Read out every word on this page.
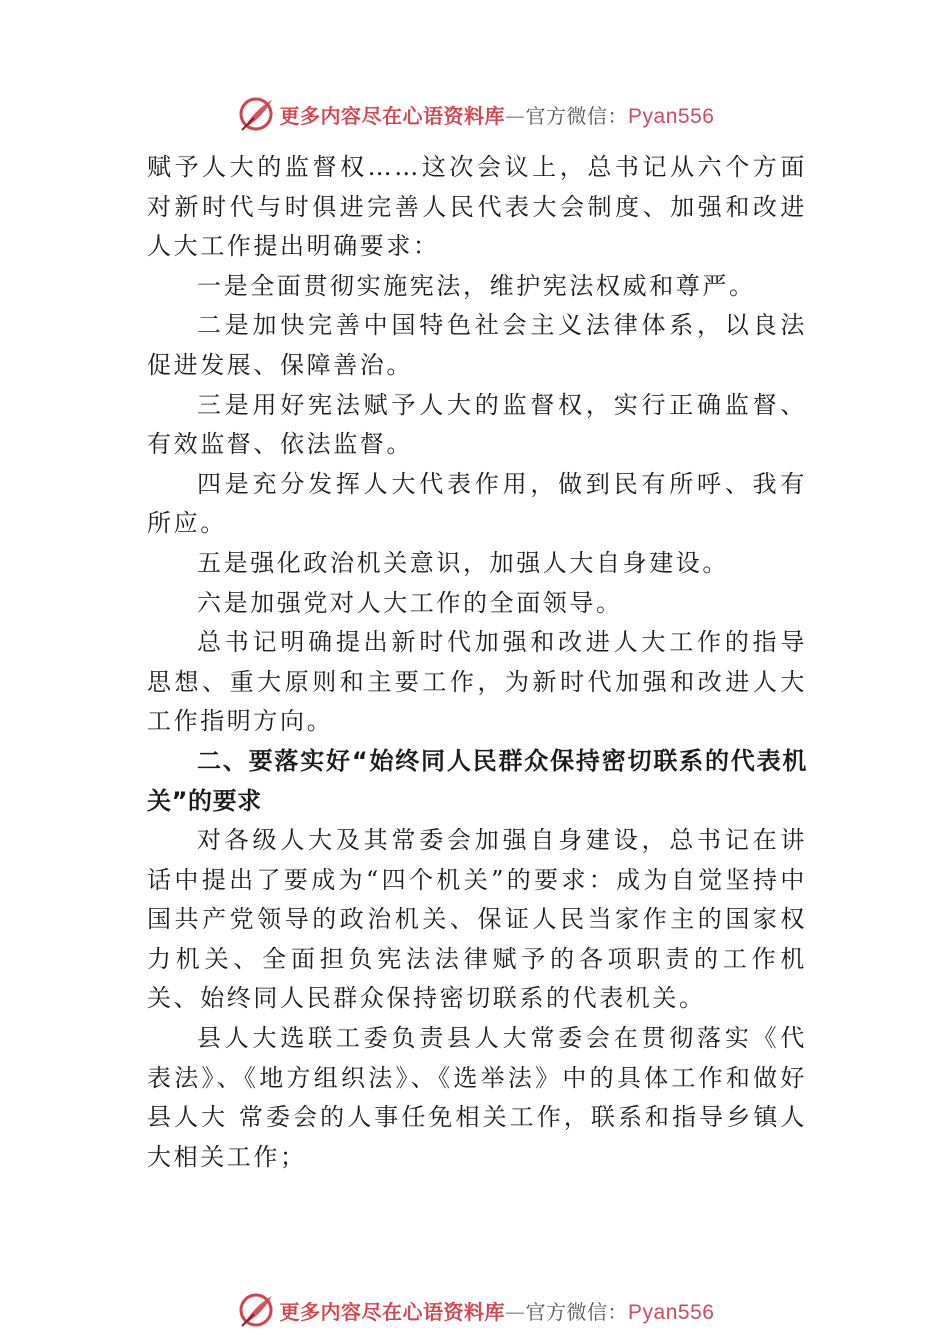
更多内容尽在心语资料库—官方微信：Pyan556

赋予人大的监督权……这次会议上，总书记从六个方面对新时代与时俱进完善人民代表大会制度、加强和改进人大工作提出明确要求：

一是全面贯彻实施宪法，维护宪法权威和尊严。

二是加快完善中国特色社会主义法律体系，以良法促进发展、保障善治。

三是用好宪法赋予人大的监督权，实行正确监督、有效监督、依法监督。

四是充分发挥人大代表作用，做到民有所呼、我有所应。

五是强化政治机关意识，加强人大自身建设。

六是加强党对人大工作的全面领导。

总书记明确提出新时代加强和改进人大工作的指导思想、重大原则和主要工作，为新时代加强和改进人大工作指明方向。

二、要落实好“始终同人民群众保持密切联系的代表机关”的要求

对各级人大及其常委会加强自身建设，总书记在讲话中提出了要成为“四个机关”的要求：成为自觉坚持中国共产党领导的政治机关、保证人民当家作主的国家权力机关、全面担负宪法法律赋予的各项职责的工作机关、始终同人民群众保持密切联系的代表机关。

县人大选联工委负责县人大常委会在贯彻落实《代表法》、《地方组织法》、《选举法》中的具体工作和做好县人大 常委会的人事任免相关工作，联系和指导乡镇人大相关工作；

更多内容尽在心语资料库—官方微信：Pyan556
